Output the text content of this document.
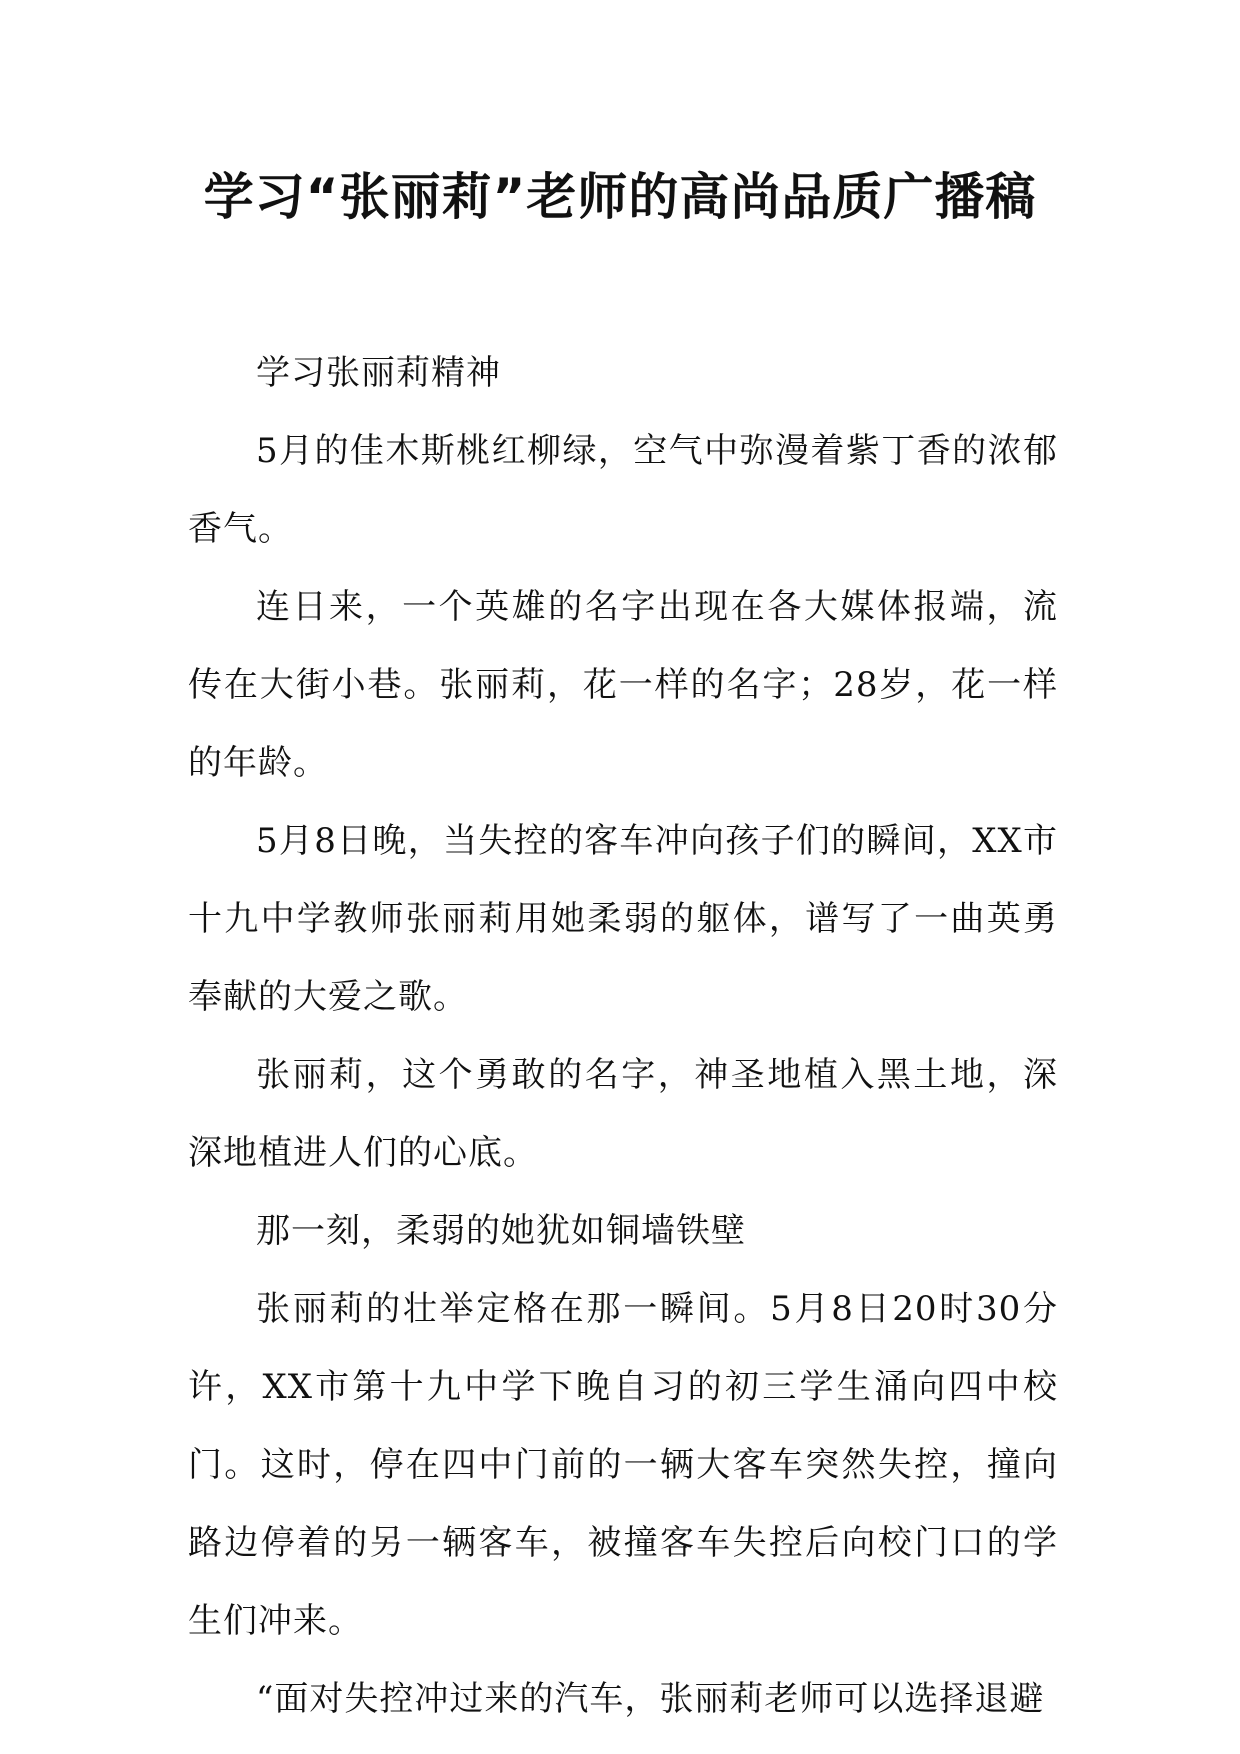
学习“张丽莉”老师的高尚品质广播稿

学习张丽莉精神

5月的佳木斯桃红柳绿，空气中弥漫着紫丁香的浓郁香气。

连日来，一个英雄的名字出现在各大媒体报端，流传在大街小巷。张丽莉，花一样的名字；28岁，花一样的年龄。

5月8日晚，当失控的客车冲向孩子们的瞬间，XX市十九中学教师张丽莉用她柔弱的躯体，谱写了一曲英勇奉献的大爱之歌。

张丽莉，这个勇敢的名字，神圣地植入黑土地，深深地植进人们的心底。

那一刻，柔弱的她犹如铜墙铁壁

张丽莉的壮举定格在那一瞬间。5月8日20时30分许，XX市第十九中学下晚自习的初三学生涌向四中校门。这时，停在四中门前的一辆大客车突然失控，撞向路边停着的另一辆客车，被撞客车失控后向校门口的学生们冲来。

“面对失控冲过来的汽车，张丽莉老师可以选择退避
